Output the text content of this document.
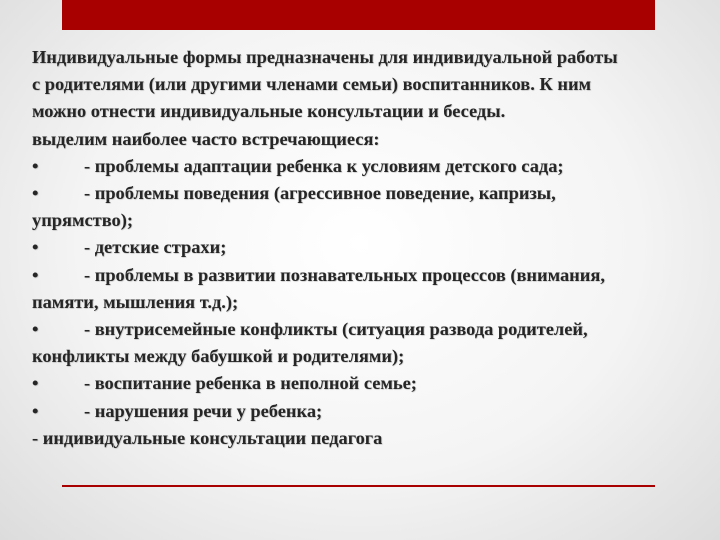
Индивидуальные формы предназначены для индивидуальной работы
с родителями (или другими членами семьи) воспитанников. К ним
можно отнести индивидуальные консультации и беседы.
выделим наиболее часто встречающиеся:
• - проблемы адаптации ребенка к условиям детского сада;
• - проблемы поведения (агрессивное поведение, капризы,
упрямство);
• - детские страхи;
• - проблемы в развитии познавательных процессов (внимания,
памяти, мышления т.д.);
• - внутрисемейные конфликты (ситуация развода родителей,
конфликты между бабушкой и родителями);
• - воспитание ребенка в неполной семье;
• - нарушения речи у ребенка;
- индивидуальные консультации педагога
